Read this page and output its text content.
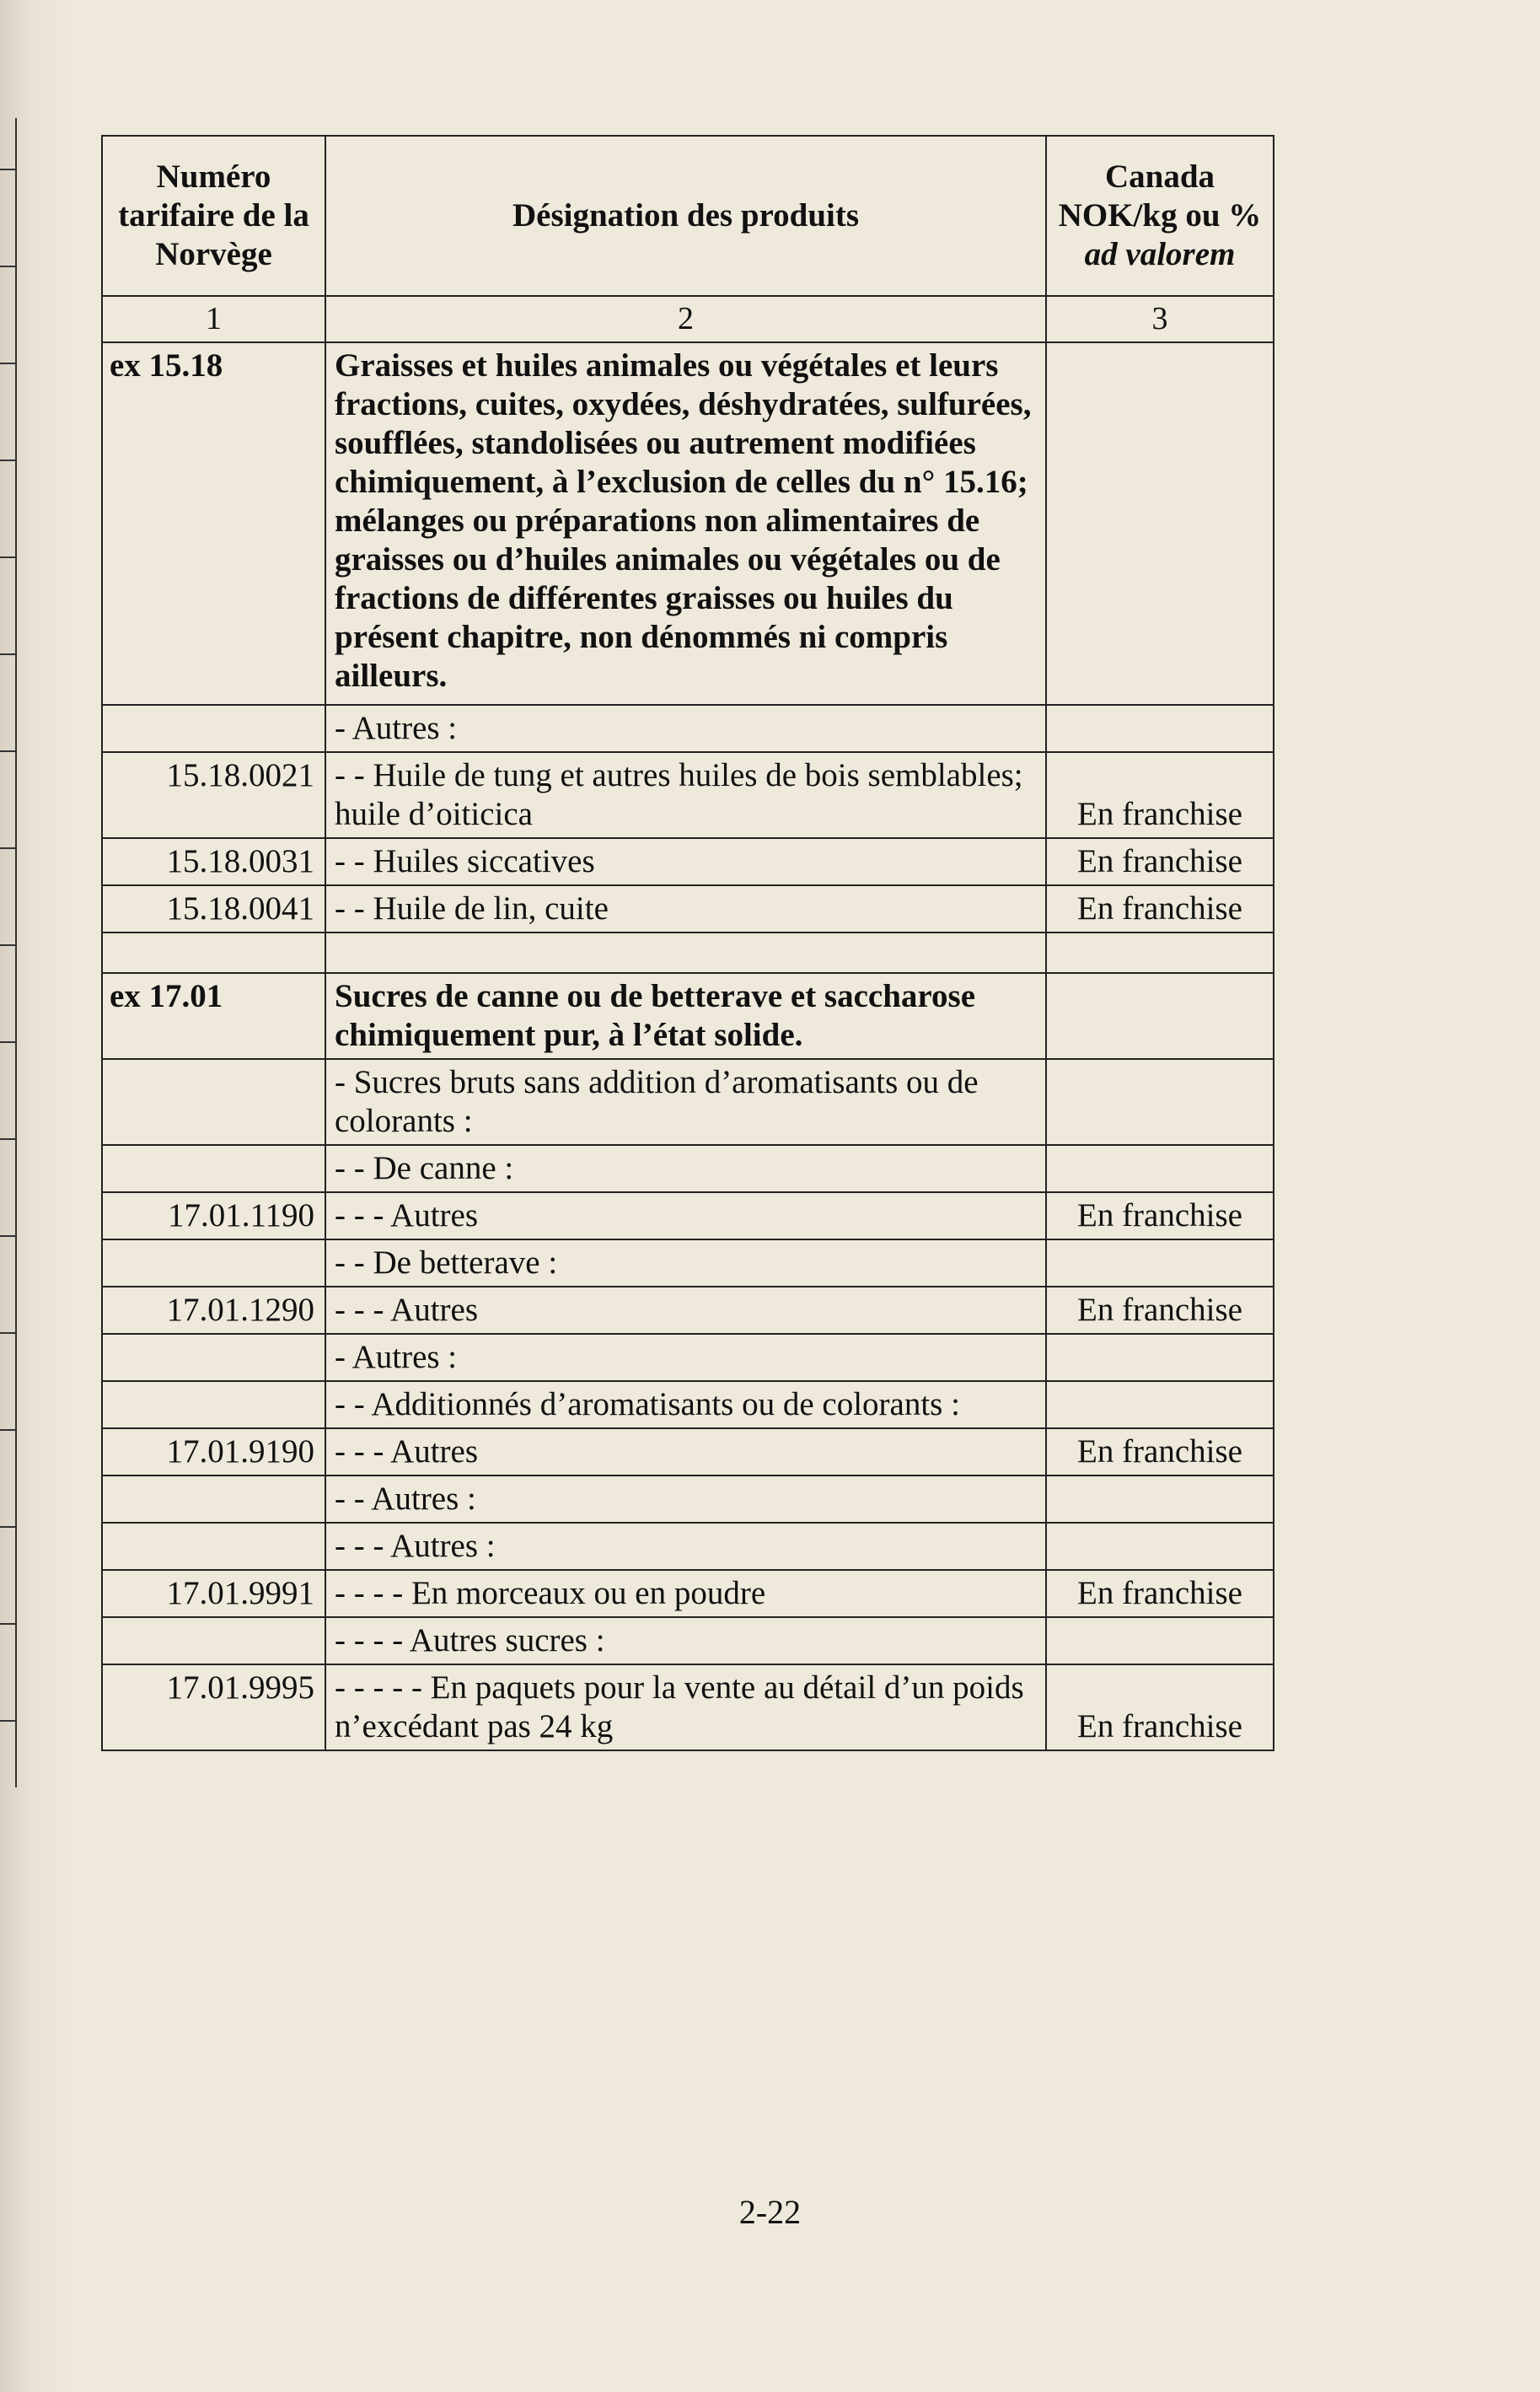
Numéro tarifaire de la Norvège	Désignation des produits	Canada NOK/kg ou %
ad valorem

1	2	3
ex 15.18	Graisses et huiles animales ou végétales et leurs fractions, cuites, oxydées, déshydratées, sulfurées, soufflées, standolisées ou autrement modifiées chimiquement, à l’exclusion de celles du n° 15.16; mélanges ou préparations non alimentaires de graisses ou d’huiles animales ou végétales ou de fractions de différentes graisses ou huiles du présent chapitre, non dénommés ni compris ailleurs.	
	- Autres :	
15.18.0021	- - Huile de tung et autres huiles de bois semblables; huile d’oiticica	En franchise
15.18.0031	- - Huiles siccatives	En franchise
15.18.0041	- - Huile de lin, cuite	En franchise

ex 17.01	Sucres de canne ou de betterave et saccharose chimiquement pur, à l’état solide.	
	- Sucres bruts sans addition d’aromatisants ou de colorants :	
	- - De canne :	
17.01.1190	- - - Autres	En franchise
	- - De betterave :	
17.01.1290	- - - Autres	En franchise
	- Autres :	
	- - Additionnés d’aromatisants ou de colorants :	
17.01.9190	- - - Autres	En franchise
	- - Autres :	
	- - - Autres :	
17.01.9991	- - - - En morceaux ou en poudre	En franchise
	- - - - Autres sucres :	
17.01.9995	- - - - - En paquets pour la vente au détail d’un poids n’excédant pas 24 kg	En franchise
2-22
